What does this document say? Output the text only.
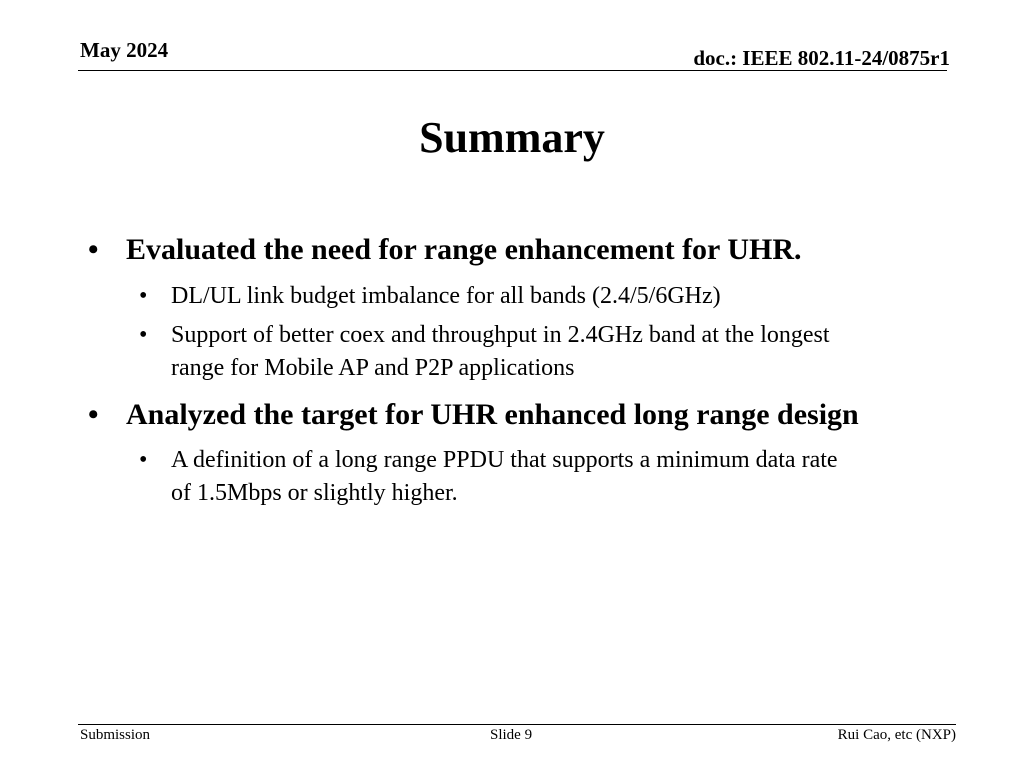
May 2024	doc.: IEEE 802.11-24/0875r1
Summary
• Evaluated the need for range enhancement for UHR.
• DL/UL link budget imbalance for all bands (2.4/5/6GHz)
• Support of better coex and throughput in 2.4GHz band at the longest
range for Mobile AP and P2P applications
• Analyzed the target for UHR enhanced long range design
• A definition of a long range PPDU that supports a minimum data rate
of 1.5Mbps or slightly higher.
Submission	Slide 9	Rui Cao, etc (NXP)
